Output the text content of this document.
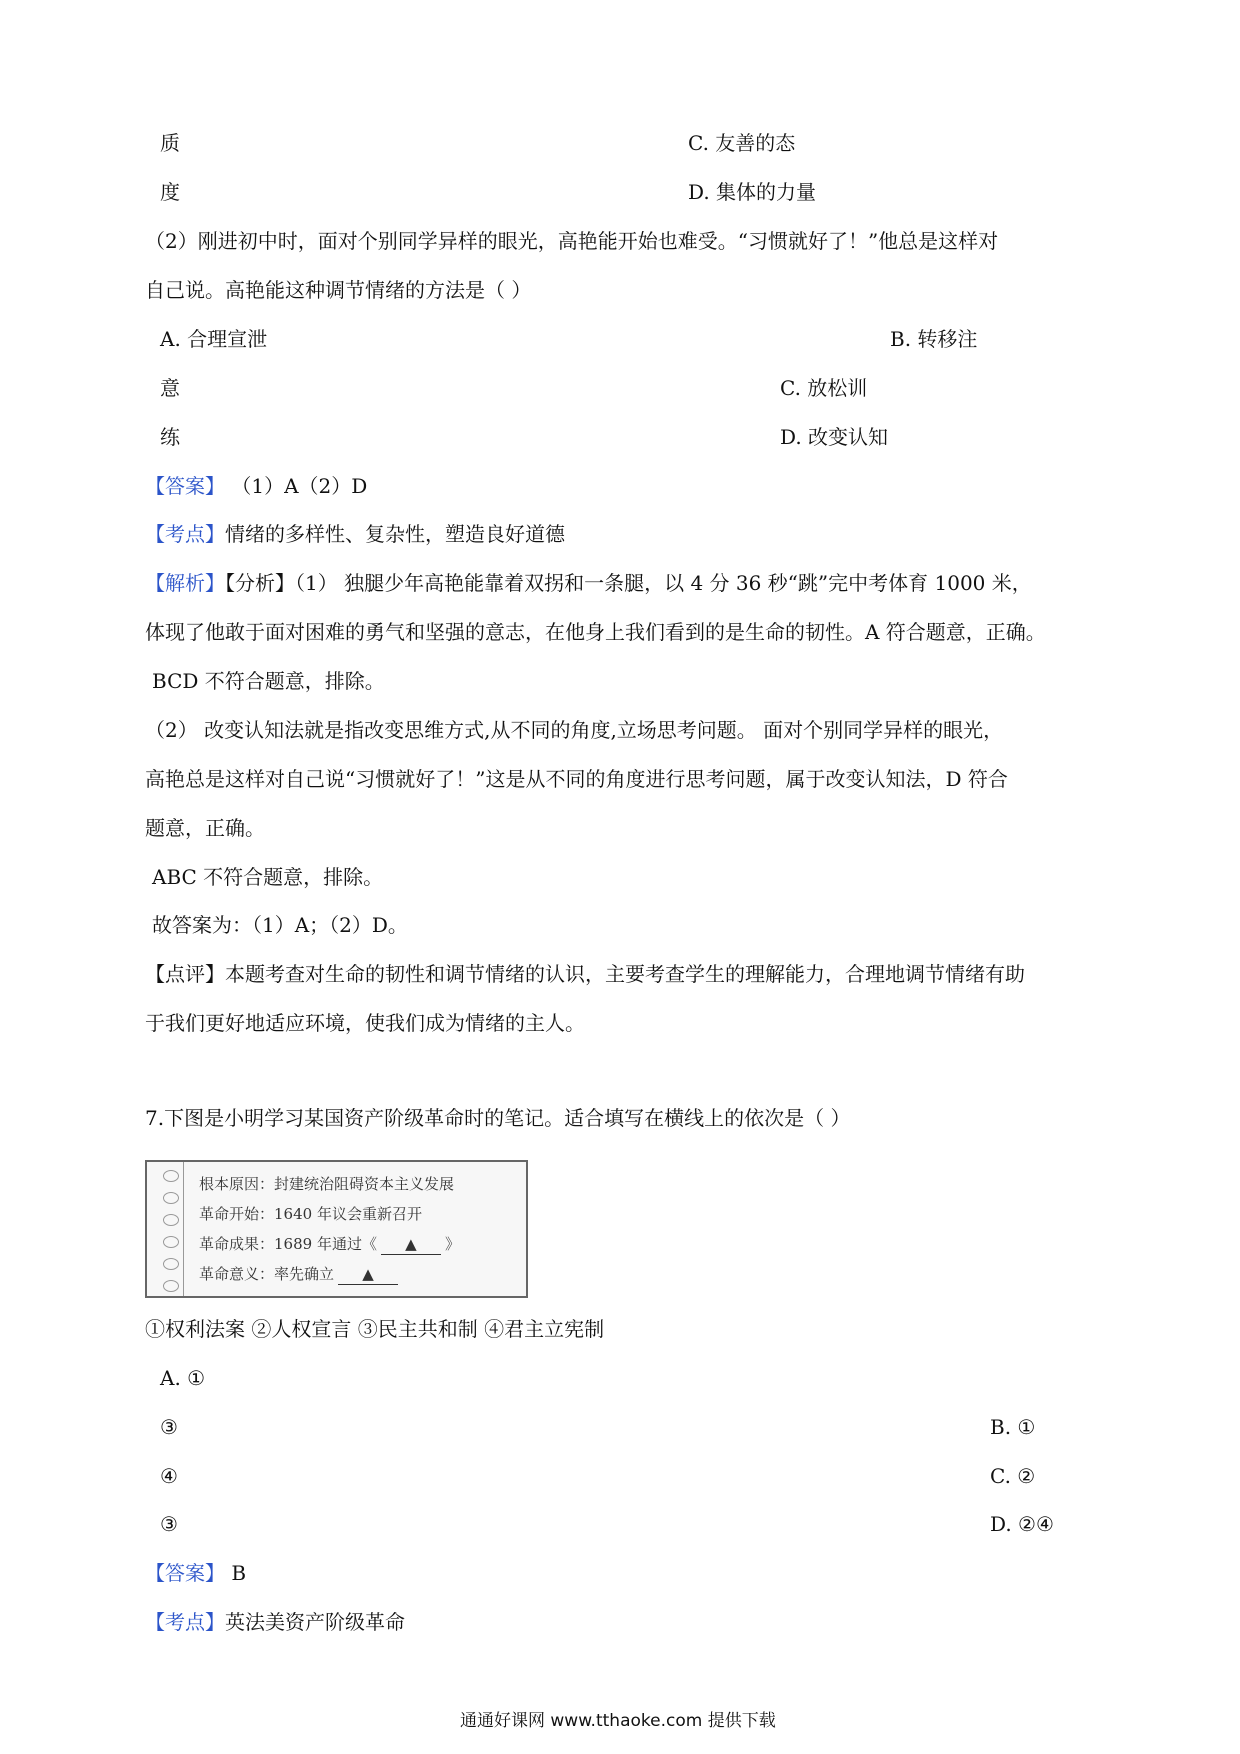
质	C. 友善的态
度	D. 集体的力量
（2）刚进初中时，面对个别同学异样的眼光，高艳能开始也难受。“习惯就好了！”他总是这样对
自己说。高艳能这种调节情绪的方法是（ ）
A. 合理宣泄	B. 转移注
意	C. 放松训
练	D. 改变认知
【答案】 （1）A（2）D
【考点】情绪的多样性、复杂性，塑造良好道德
【解析】【分析】（1） 独腿少年高艳能靠着双拐和一条腿，以 4 分 36 秒“跳”完中考体育 1000 米，
体现了他敢于面对困难的勇气和坚强的意志，在他身上我们看到的是生命的韧性。A 符合题意，正确。
BCD 不符合题意，排除。
（2） 改变认知法就是指改变思维方式,从不同的角度,立场思考问题。 面对个别同学异样的眼光，
高艳总是这样对自己说“习惯就好了！”这是从不同的角度进行思考问题，属于改变认知法，D 符合
题意，正确。
ABC 不符合题意，排除。
故答案为：（1）A；（2）D。
【点评】本题考查对生命的韧性和调节情绪的认识，主要考查学生的理解能力，合理地调节情绪有助
于我们更好地适应环境，使我们成为情绪的主人。
7.下图是小明学习某国资产阶级革命时的笔记。适合填写在横线上的依次是（ ）
根本原因：封建统治阻碍资本主义发展
革命开始：1640 年议会重新召开
革命成果：1689 年通过《 ▲ 》
革命意义：率先确立 ▲
①权利法案 ②人权宣言 ③民主共和制 ④君主立宪制
A. ①
③	B. ①
④	C. ②
③	D. ②④
【答案】 B
【考点】英法美资产阶级革命
通通好课网 www.tthaoke.com 提供下载
